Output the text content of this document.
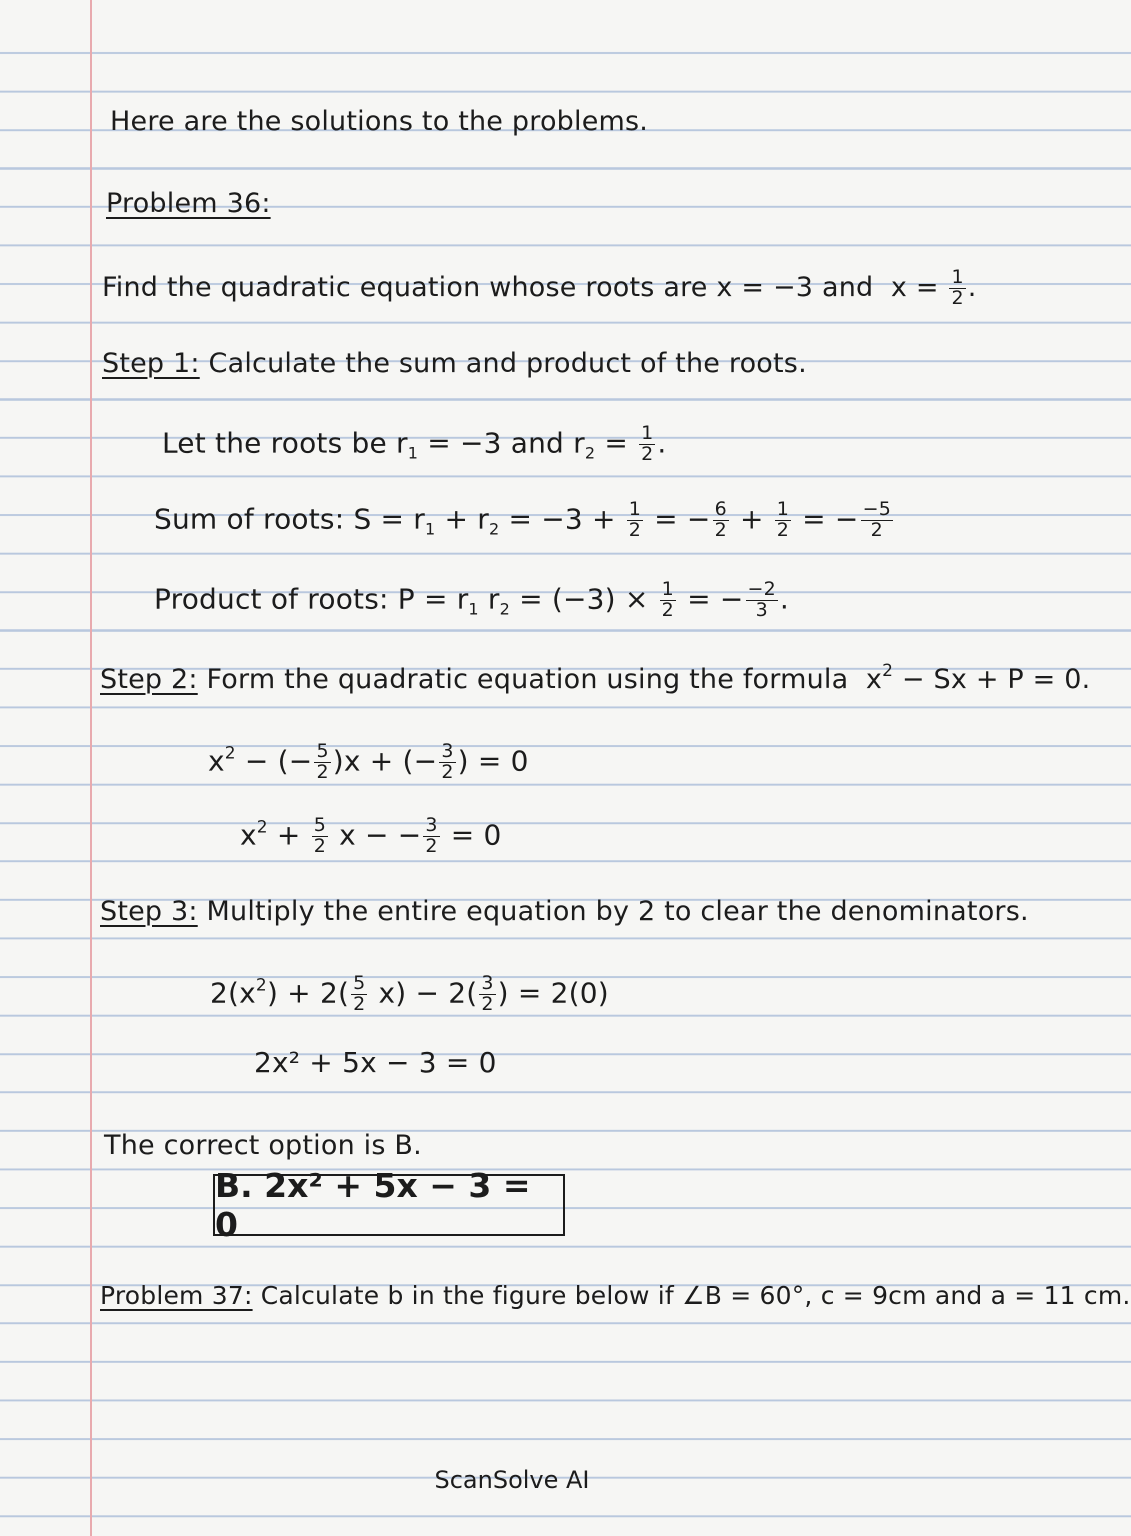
Here are the solutions to the problems.
Problem 36:
Find the quadratic equation whose roots are x = −3 and  $x = \frac{1}{2}$ .
Step 1: Calculate the sum and product of the roots.
Let the roots be $r_1 = -3$ and $r_2 = \frac{1}{2}$ .
Sum of roots: $S = r_1 + r_2 = -3 + \frac{1}{2}$ = − $\frac{6}{2} + \frac{1}{2}$ = − $\frac{-5}{2}$
Product of roots: $P = r_1$ $r_2 = (-3) \times \frac{1}{2}$ = − $\frac{-2}{3}$ .
Step 2:
Form the quadratic equation using the formula  $x^2 - Sx + P = 0$.
$x^2$ − (− $\frac{5}{2} )x$ + (− $\frac{3}{2}$ ) = 0
$x^2 + \frac{5}{2}$ x − − $\frac{3}{2} = 0$
Step 3: Multiply the entire equation by 2 to clear the denominators.
$2(x^2) + 2( \frac{5}{2} x) - 2( \frac{3}{2}$ ) = 2(0)
2x² + 5x − 3 = 0
The correct option is B.
B. 2x² + 5x − 3 = 0
Problem 37: Calculate b in the figure below if ∠B = 60°, c = 9cm and a = 11 cm.
ScanSolve AI
